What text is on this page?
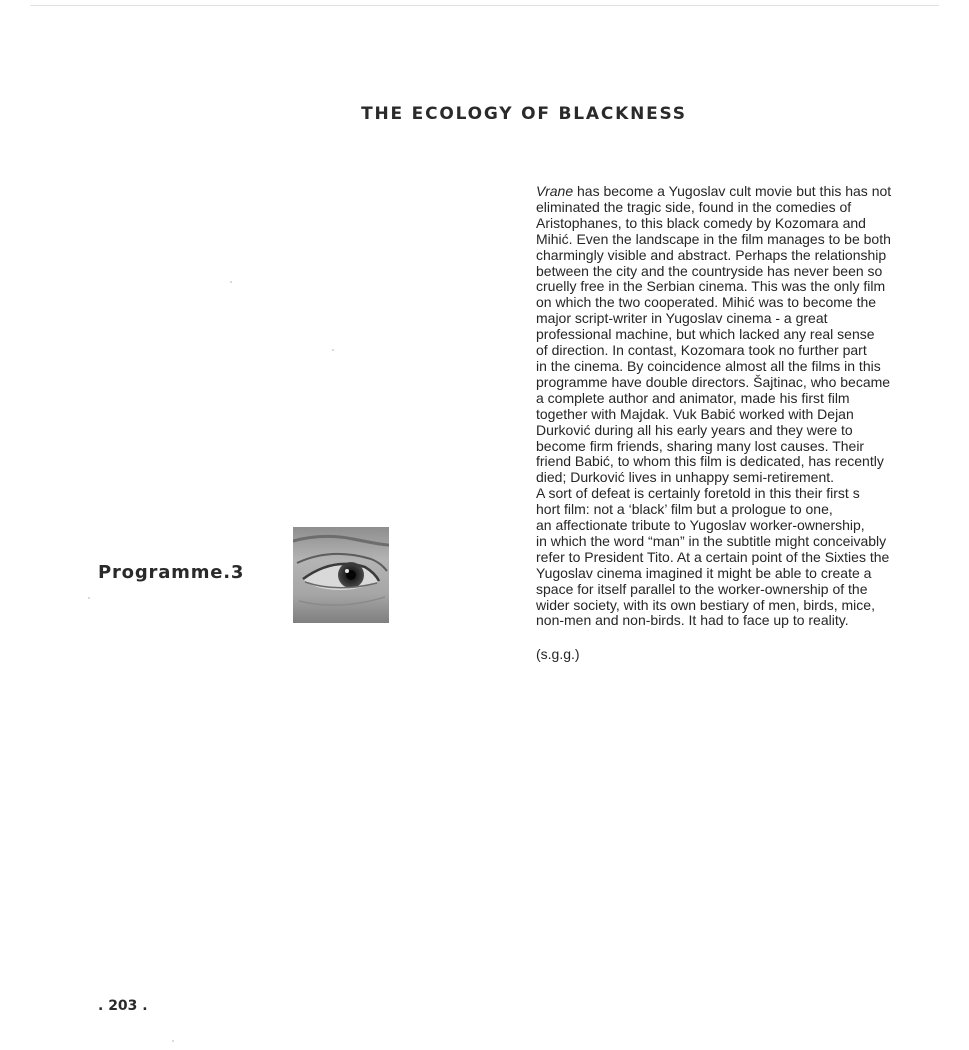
THE ECOLOGY OF BLACKNESS
Programme.3
Vrane has become a Yugoslav cult movie but this has not
eliminated the tragic side, found in the comedies of
Aristophanes, to this black comedy by Kozomara and
Mihić. Even the landscape in the film manages to be both
charmingly visible and abstract. Perhaps the relationship
between the city and the countryside has never been so
cruelly free in the Serbian cinema. This was the only film
on which the two cooperated. Mihić was to become the
major script-writer in Yugoslav cinema - a great
professional machine, but which lacked any real sense
of direction. In contast, Kozomara took no further part
in the cinema. By coincidence almost all the films in this
programme have double directors. Šajtinac, who became
a complete author and animator, made his first film
together with Majdak. Vuk Babić worked with Dejan
Durković during all his early years and they were to
become firm friends, sharing many lost causes. Their
friend Babić, to whom this film is dedicated, has recently
died; Durković lives in unhappy semi-retirement.
A sort of defeat is certainly foretold in this their first s
hort film: not a ‘black’ film but a prologue to one,
an affectionate tribute to Yugoslav worker-ownership,
in which the word “man” in the subtitle might conceivably
refer to President Tito. At a certain point of the Sixties the
Yugoslav cinema imagined it might be able to create a
space for itself parallel to the worker-ownership of the
wider society, with its own bestiary of men, birds, mice,
non-men and non-birds. It had to face up to reality.
(s.g.g.)
. 203 .
